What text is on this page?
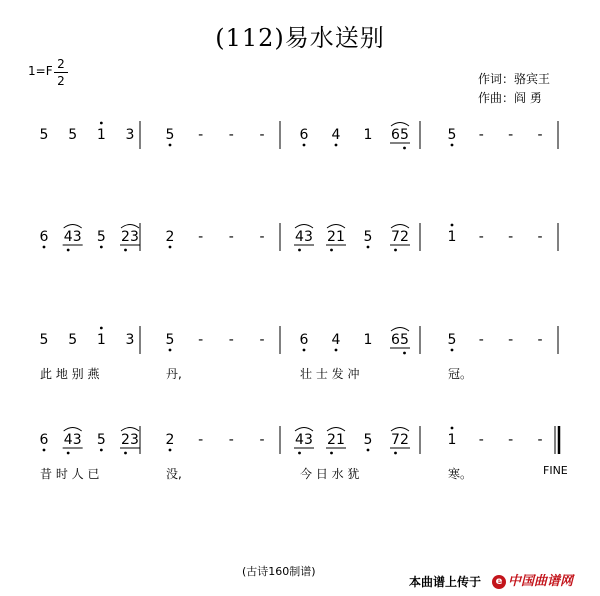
(112)易水送别
1=F 2
2	作词：骆宾王
作曲：阎 勇
5 5 1 3 5 - - -	6 4 1 6 5	5 - - -
6 4 3 5 2 3 2 - - - 4 3 2 1 5 7 2	1 - - -
5 5 1 3
此 地 别 燕
5 - - -
丹,
6 4 1 6 5
壮 士 发 冲
5 - - -
冠。
6 4 3 5 2 3
昔 时 人 已
2 - - -
没,
4 3 2 1 5 7 2
今 日 水 犹
1 - - -
寒。	FINE
(古诗160制谱)
本曲谱上传于	e 中国曲谱网
